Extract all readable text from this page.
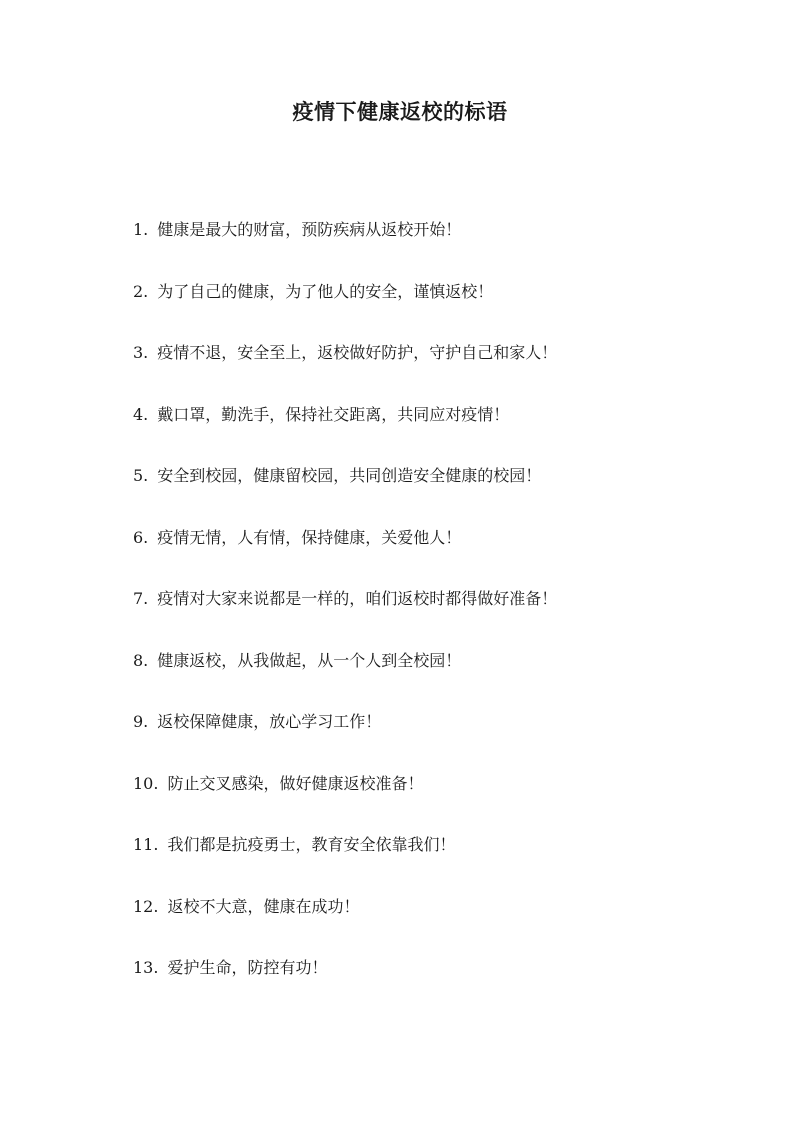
疫情下健康返校的标语
1. 健康是最大的财富，预防疾病从返校开始！
2. 为了自己的健康，为了他人的安全，谨慎返校！
3. 疫情不退，安全至上，返校做好防护，守护自己和家人！
4. 戴口罩，勤洗手，保持社交距离，共同应对疫情！
5. 安全到校园，健康留校园，共同创造安全健康的校园！
6. 疫情无情，人有情，保持健康，关爱他人！
7. 疫情对大家来说都是一样的，咱们返校时都得做好准备！
8. 健康返校，从我做起，从一个人到全校园！
9. 返校保障健康，放心学习工作！
10. 防止交叉感染，做好健康返校准备！
11. 我们都是抗疫勇士，教育安全依靠我们！
12. 返校不大意，健康在成功！
13. 爱护生命，防控有功！
